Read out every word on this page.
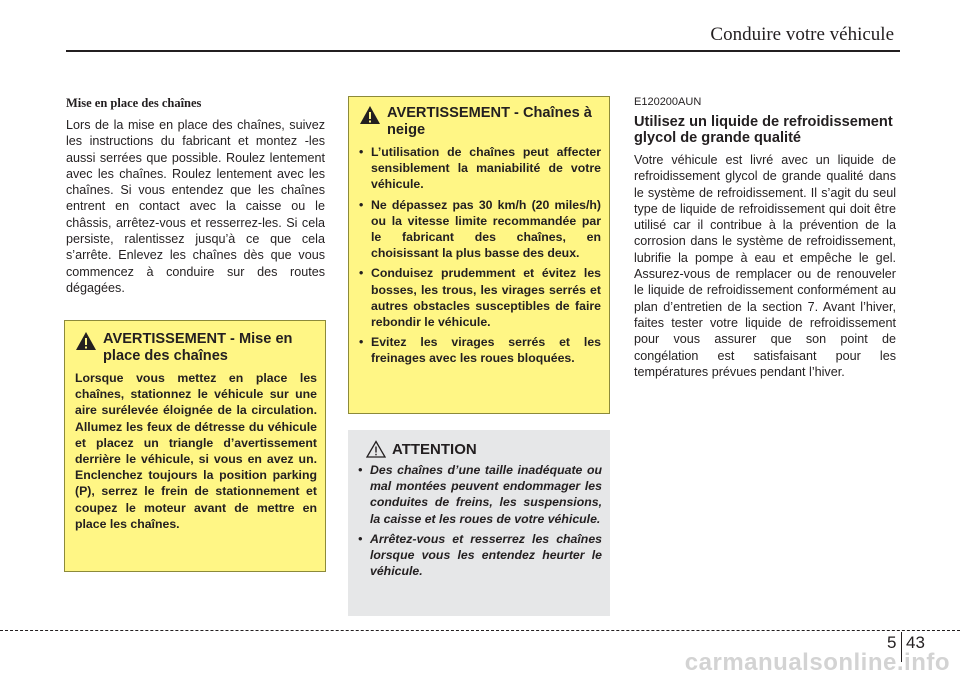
Conduire votre véhicule

Mise en place des chaînes

Lors de la mise en place des chaînes, suivez les instructions du fabricant et montez -les aussi serrées que possible. Roulez lentement avec les chaînes. Roulez lentement avec les chaînes. Si vous entendez que les chaînes entrent en contact avec la caisse ou le châssis, arrêtez-vous et resserrez-les. Si cela persiste, ralentissez jusqu’à ce que cela s’arrête. Enlevez les chaînes dès que vous commencez à conduire sur des routes dégagées.

AVERTISSEMENT - Mise en place des chaînes

Lorsque vous mettez en place les chaînes, stationnez le véhicule sur une aire surélevée éloignée de la circulation. Allumez les feux de détresse du véhicule et placez un triangle d’avertissement derrière le véhicule, si vous en avez un. Enclenchez toujours la position parking (P), serrez le frein de stationnement et coupez le moteur avant de mettre en place les chaînes.

AVERTISSEMENT - Chaînes à neige
• L’utilisation de chaînes peut affecter sensiblement la maniabilité de votre véhicule.
• Ne dépassez pas 30 km/h (20 miles/h) ou la vitesse limite recommandée par le fabricant des chaînes, en choisissant la plus basse des deux.
• Conduisez prudemment et évitez les bosses, les trous, les virages serrés et autres obstacles susceptibles de faire rebondir le véhicule.
• Evitez les virages serrés et les freinages avec les roues bloquées.
ATTENTION
• Des chaînes d’une taille inadéquate ou mal montées peuvent endommager les conduites de freins, les suspensions, la caisse et les roues de votre véhicule.
• Arrêtez-vous et resserrez les chaînes lorsque vous les entendez heurter le véhicule.

E120200AUN

Utilisez un liquide de refroidissement glycol de grande qualité

Votre véhicule est livré avec un liquide de refroidissement glycol de grande qualité dans le système de refroidissement. Il s’agit du seul type de liquide de refroidissement qui doit être utilisé car il contribue à la prévention de la corrosion dans le système de refroidissement, lubrifie la pompe à eau et empêche le gel. Assurez-vous de remplacer ou de renouveler le liquide de refroidissement conformément au plan d’entretien de la section 7. Avant l’hiver, faites tester votre liquide de refroidissement pour vous assurer que son point de congélation est satisfaisant pour les températures prévues pendant l’hiver.

5 43
carmanualsonline.info
